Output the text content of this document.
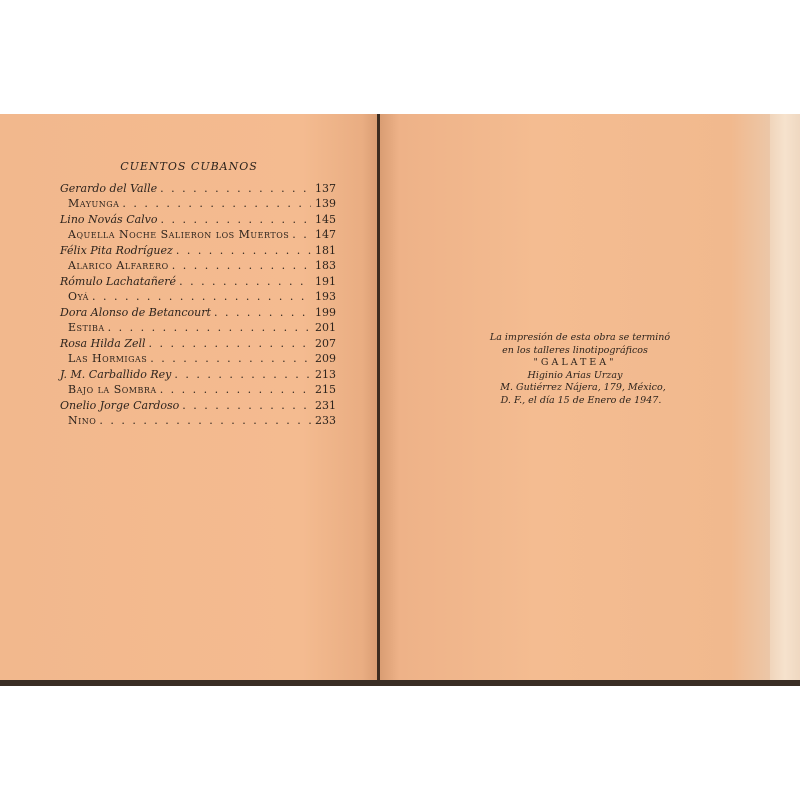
CUENTOS CUBANOS
Gerardo del Valle . . .	137
Mayunga . . .	139
Lino Novás Calvo . . .	145
Aquella Noche Salieron los Muertos . . . 147
Félix Pita Rodríguez . . .	181
Alarico Alfarero . . .	183
Rómulo Lachatañeré . . .	191
Oyá . . .	193
Dora Alonso de Betancourt . . .	199
Estiba . . .	201
Rosa Hilda Zell . . .	207
Las Hormigas . . .	209
J. M. Carballido Rey . . .	213
Bajo la Sombra . . .	215
Onelio Jorge Cardoso . . .	231
Nino . . .	233
La impresión de esta obra se terminó
en los talleres linotipográficos
"GALATEA"
Higinio Arias Urzay
M. Gutiérrez Nájera, 179, México,
D. F., el día 15 de Enero de 1947.
